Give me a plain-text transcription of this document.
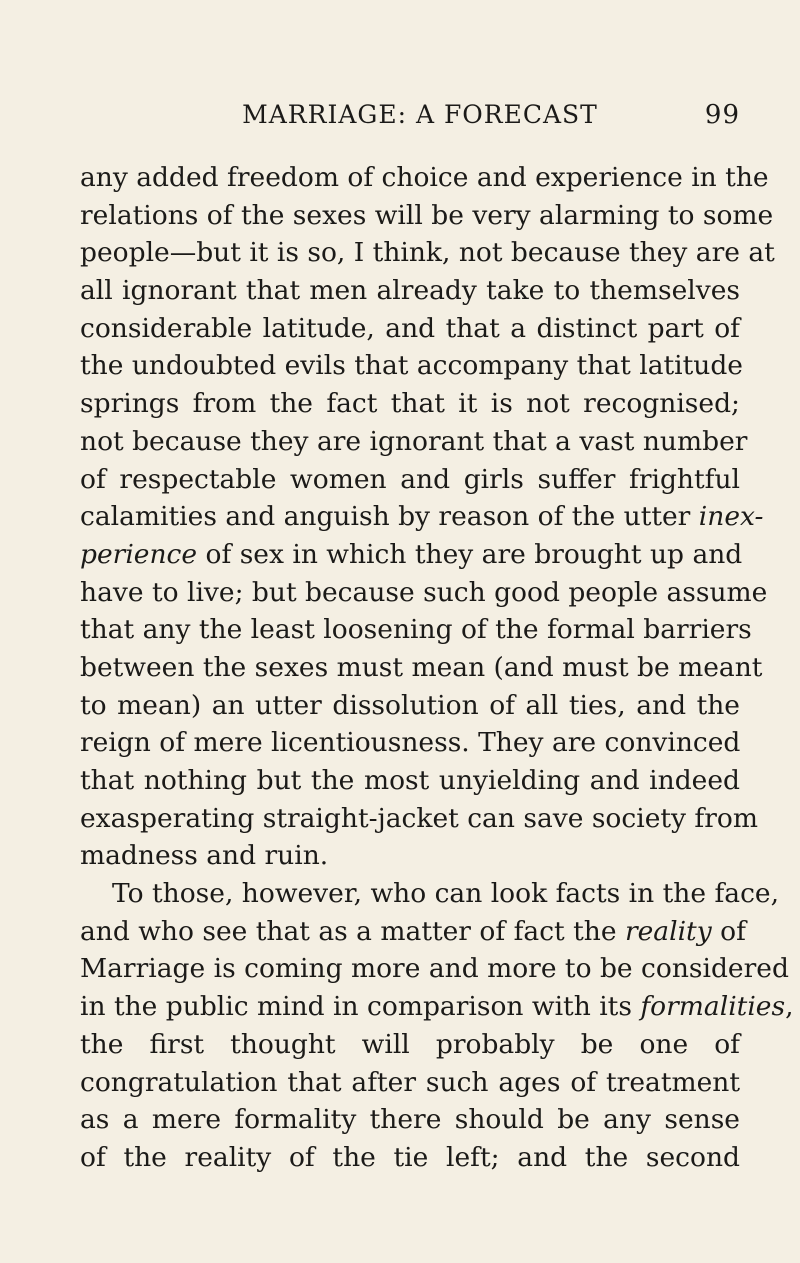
MARRIAGE: A FORECAST	99
any added freedom of choice and experience in the
relations of the sexes will be very alarming to some
people—but it is so, I think, not because they are at
all ignorant that men already take to themselves
considerable latitude, and that a distinct part of
the undoubted evils that accompany that latitude
springs from the fact that it is not recognised;
not because they are ignorant that a vast number
of respectable women and girls suffer frightful
calamities and anguish by reason of the utter inex-
perience of sex in which they are brought up and
have to live; but because such good people assume
that any the least loosening of the formal barriers
between the sexes must mean (and must be meant
to mean) an utter dissolution of all ties, and the
reign of mere licentiousness. They are convinced
that nothing but the most unyielding and indeed
exasperating straight-jacket can save society from
madness and ruin.
To those, however, who can look facts in the face,
and who see that as a matter of fact the reality of
Marriage is coming more and more to be considered
in the public mind in comparison with its formalities,
the first thought will probably be one of
congratulation that after such ages of treatment
as a mere formality there should be any sense
of the reality of the tie left; and the second
